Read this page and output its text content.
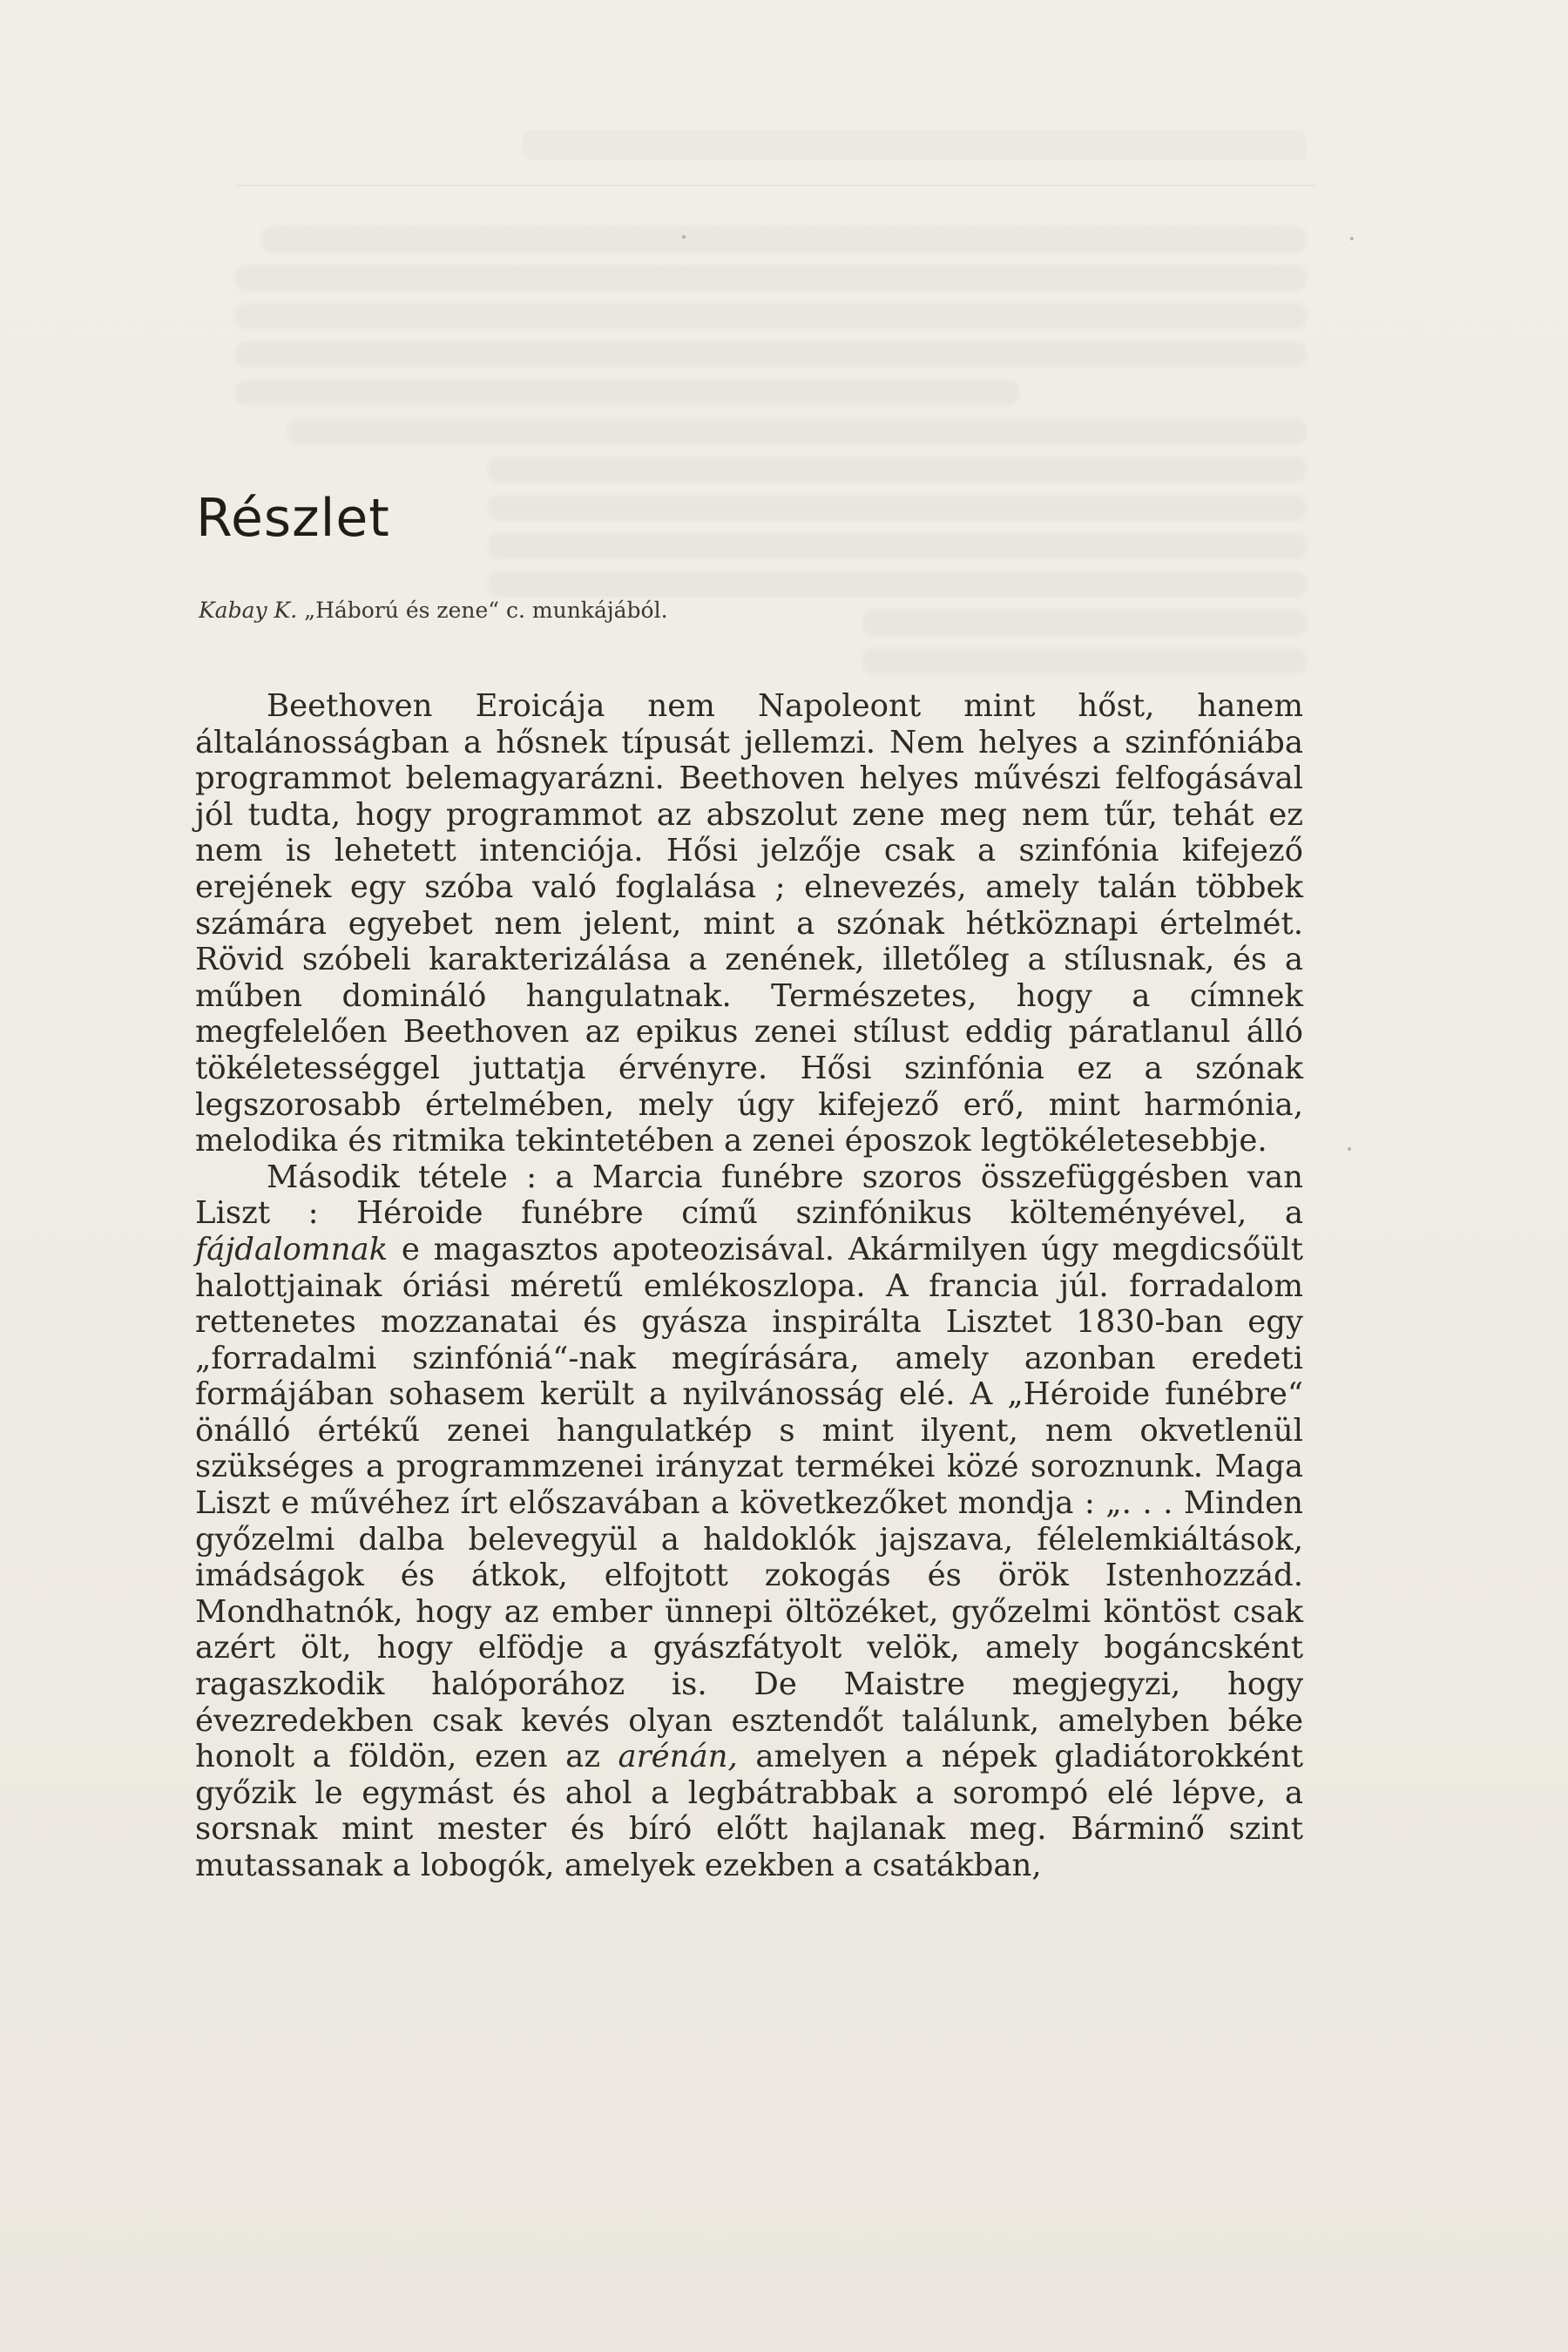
Részlet
Kabay K. „Háború és zene“ c. munkájából.

Beethoven Eroicája nem Napoleont mint hőst, hanem általánosságban a hősnek típusát jellemzi. Nem helyes a szinfóniába programmot belemagyarázni. Beethoven helyes művészi felfogásával jól tudta, hogy programmot az abszolut zene meg nem tűr, tehát ez nem is lehetett intenciója. Hősi jelzője csak a szinfónia kifejező erejének egy szóba való foglalása ; elnevezés, amely talán többek számára egyebet nem jelent, mint a szónak hétköznapi értelmét. Rövid szóbeli karakterizálása a zenének, illetőleg a stílusnak, és a műben domináló hangulatnak. Természetes, hogy a címnek megfelelően Beethoven az epikus zenei stílust eddig páratlanul álló tökéletességgel juttatja érvényre. Hősi szinfónia ez a szónak legszorosabb értelmében, mely úgy kifejező erő, mint harmónia, melodika és ritmika tekintetében a zenei époszok legtökéletesebbje.

Második tétele : a Marcia funébre szoros összefüggésben van Liszt : Héroide funébre című szinfónikus költeményével, a fájdalomnak e magasztos apoteozisával. Akármilyen úgy megdicsőült halottjainak óriási méretű emlékoszlopa. A francia júl. forradalom rettenetes mozzanatai és gyásza inspirálta Lisztet 1830-ban egy „forradalmi szinfóniá“-nak megírására, amely azonban eredeti formájában sohasem került a nyilvánosság elé. A „Héroide funébre“ önálló értékű zenei hangulatkép s mint ilyent, nem okvetlenül szükséges a programmzenei irányzat termékei közé soroznunk. Maga Liszt e művéhez írt előszavában a következőket mondja : „. . . Minden győzelmi dalba belevegyül a haldoklók jajszava, félelemkiáltások, imádságok és átkok, elfojtott zokogás és örök Istenhozzád. Mondhatnók, hogy az ember ünnepi öltözéket, győzelmi köntöst csak azért ölt, hogy elfödje a gyászfátyolt velök, amely bogáncsként ragaszkodik halóporához is. De Maistre megjegyzi, hogy évezredekben csak kevés olyan esztendőt találunk, amelyben béke honolt a földön, ezen az arénán, amelyen a népek gladiátorokként győzik le egymást és ahol a legbátrabbak a sorompó elé lépve, a sorsnak mint mester és bíró előtt hajlanak meg. Bárminő szint mutassanak a lobogók, amelyek ezekben a csatákban,
